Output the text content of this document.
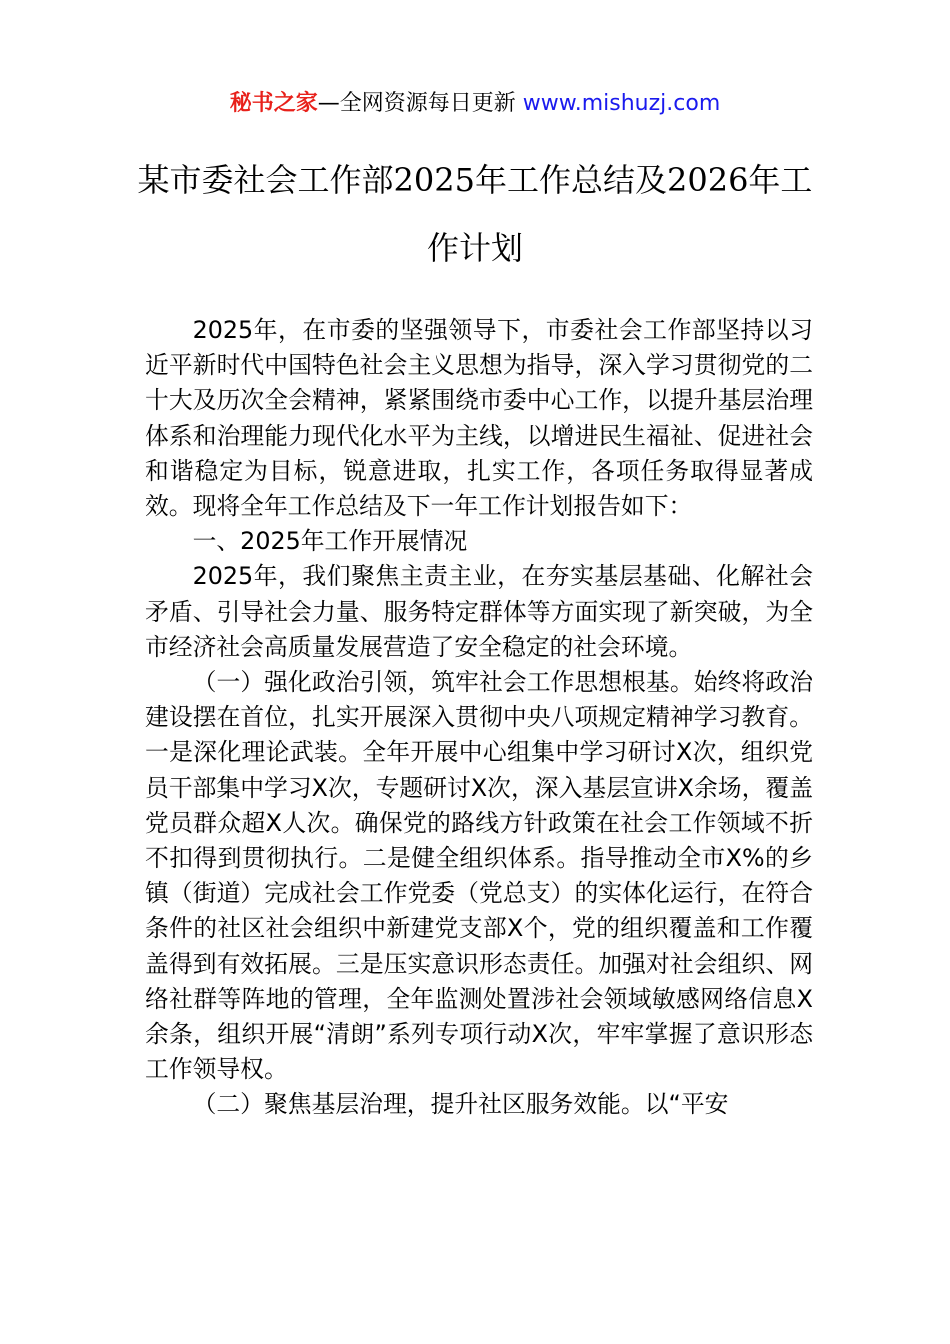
秘书之家—全网资源每日更新 www.mishuzj.com
某市委社会工作部2025年工作总结及2026年工作计划

2025年，在市委的坚强领导下，市委社会工作部坚持以习近平新时代中国特色社会主义思想为指导，深入学习贯彻党的二十大及历次全会精神，紧紧围绕市委中心工作，以提升基层治理体系和治理能力现代化水平为主线，以增进民生福祉、促进社会和谐稳定为目标，锐意进取，扎实工作，各项任务取得显著成效。现将全年工作总结及下一年工作计划报告如下：

一、2025年工作开展情况

2025年，我们聚焦主责主业，在夯实基层基础、化解社会矛盾、引导社会力量、服务特定群体等方面实现了新突破，为全市经济社会高质量发展营造了安全稳定的社会环境。

（一）强化政治引领，筑牢社会工作思想根基。始终将政治建设摆在首位，扎实开展深入贯彻中央八项规定精神学习教育。一是深化理论武装。全年开展中心组集中学习研讨X次，组织党员干部集中学习X次，专题研讨X次，深入基层宣讲X余场，覆盖党员群众超X人次。确保党的路线方针政策在社会工作领域不折不扣得到贯彻执行。二是健全组织体系。指导推动全市X%的乡镇（街道）完成社会工作党委（党总支）的实体化运行，在符合条件的社区社会组织中新建党支部X个，党的组织覆盖和工作覆盖得到有效拓展。三是压实意识形态责任。加强对社会组织、网络社群等阵地的管理，全年监测处置涉社会领域敏感网络信息X余条，组织开展“清朗”系列专项行动X次，牢牢掌握了意识形态工作领导权。

（二）聚焦基层治理，提升社区服务效能。以“平安
